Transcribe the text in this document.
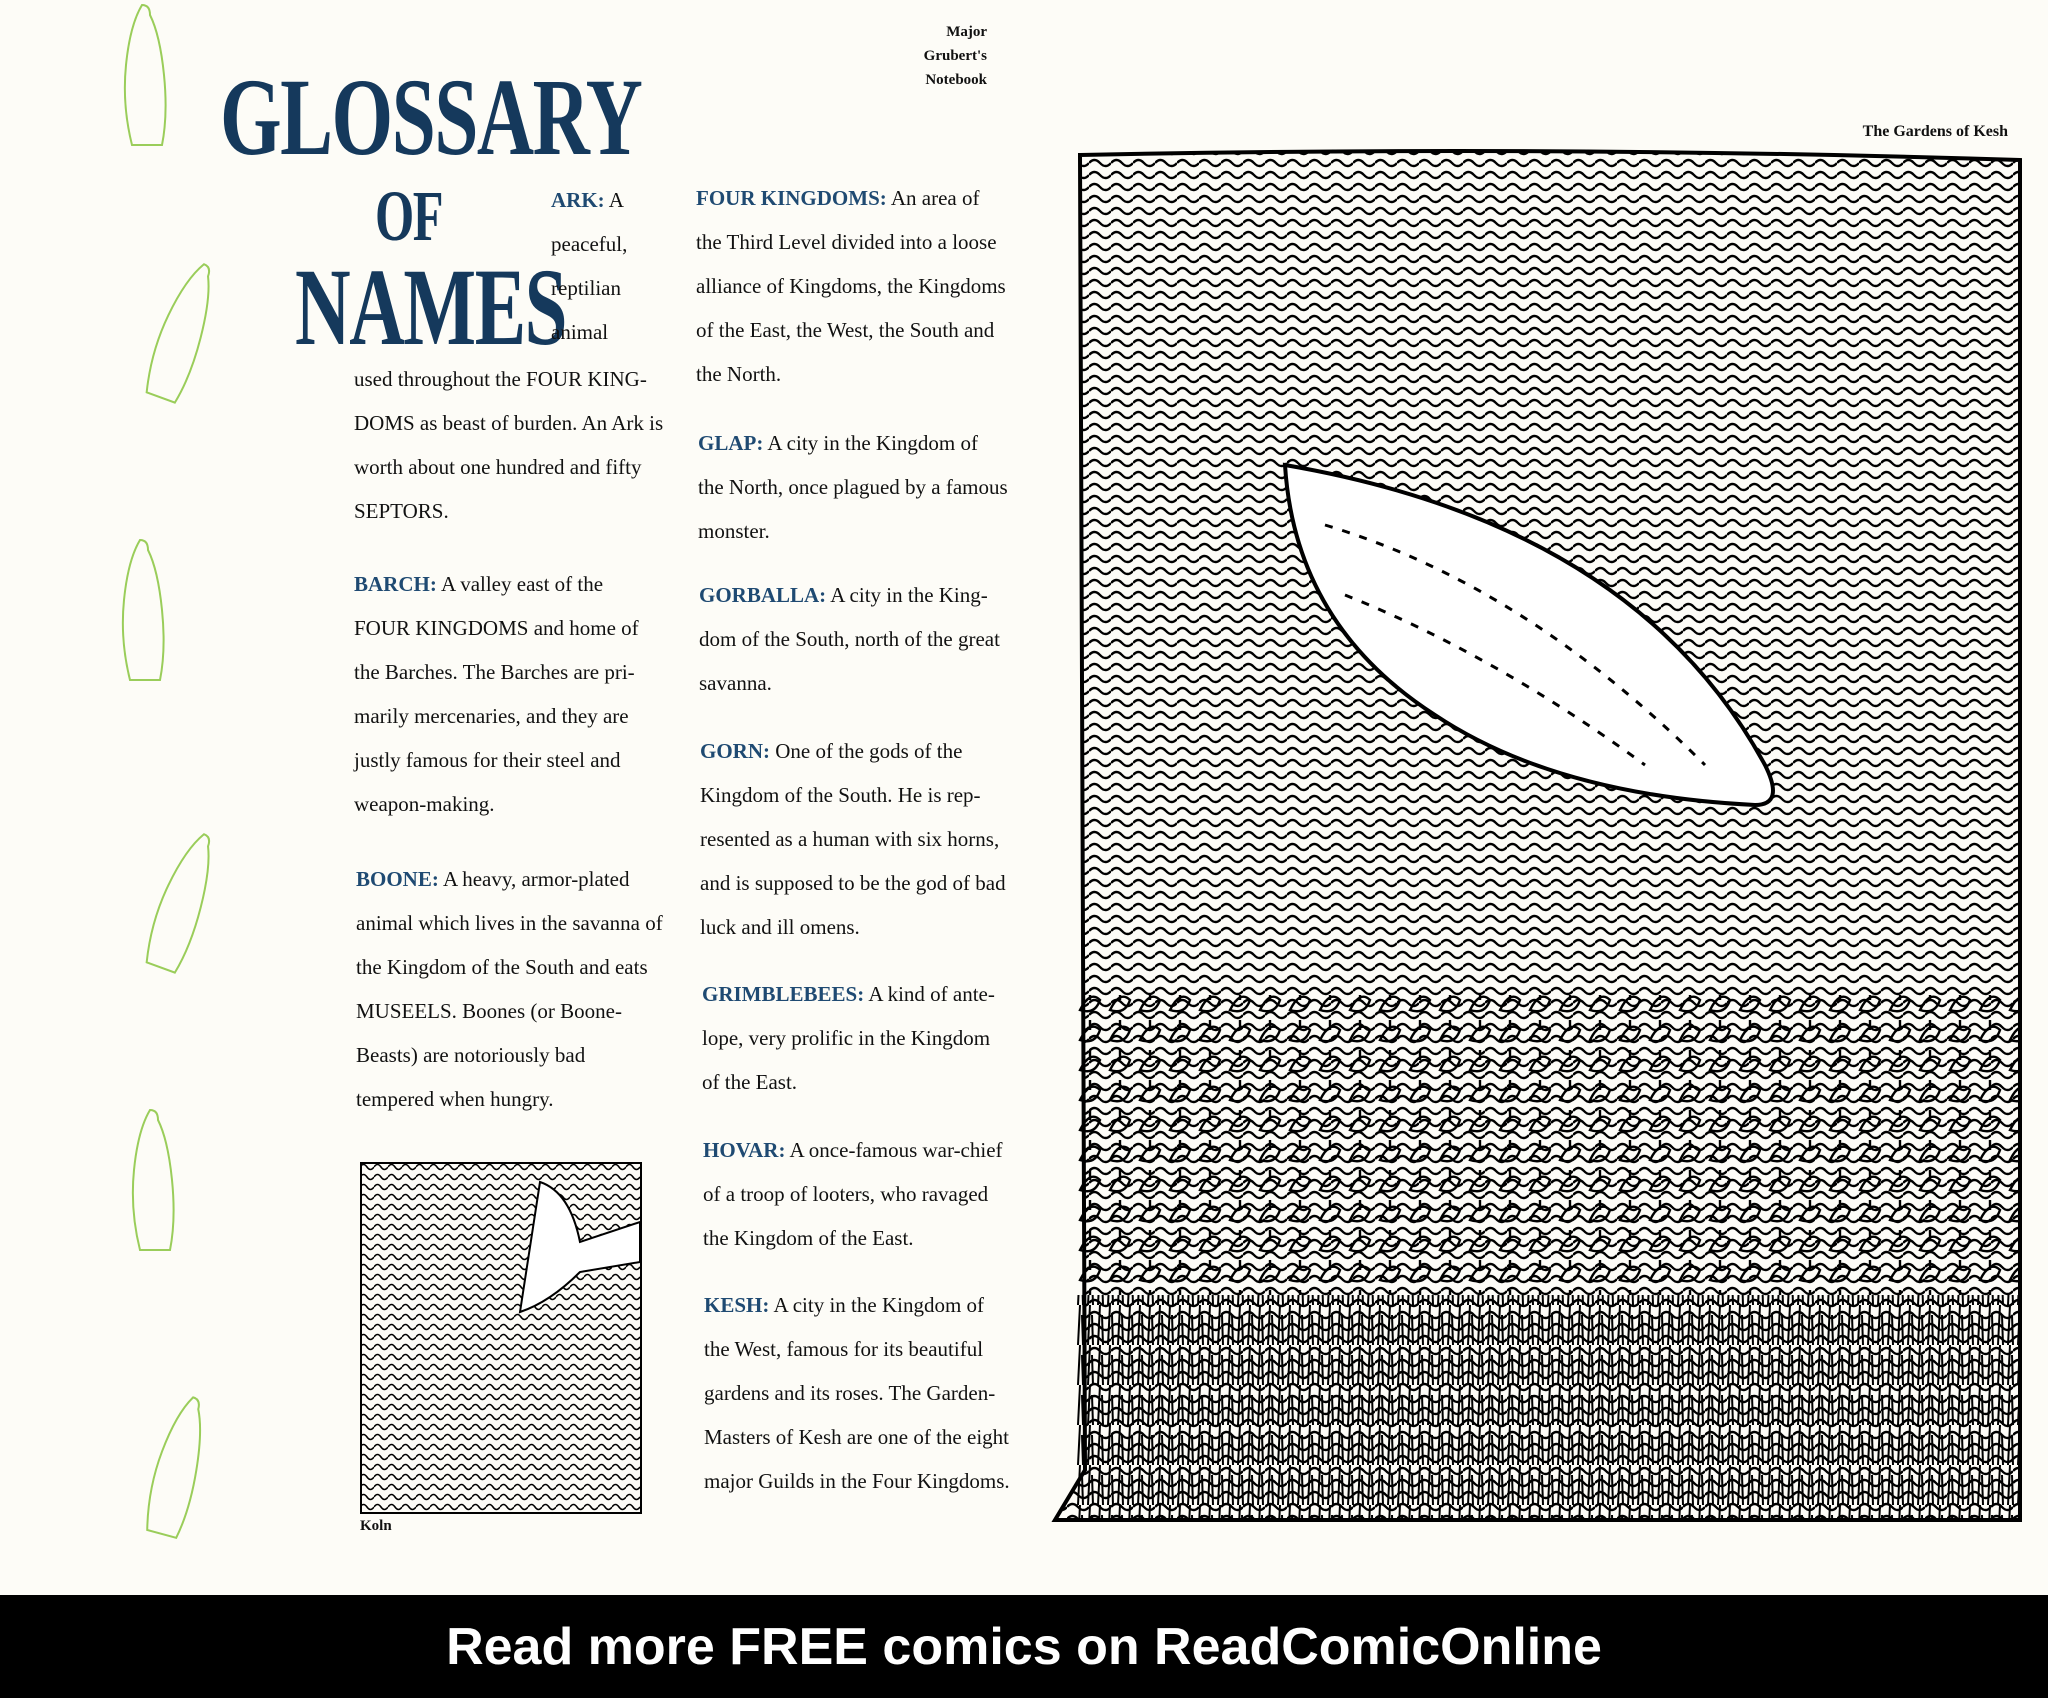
Major
Grubert's
Notebook
GLOSSARY
OF
NAMES
ARK: A peaceful, reptilian animal
used throughout the FOUR KING-DOMS as beast of burden. An Ark is worth about one hundred and fifty SEPTORS.
BARCH: A valley east of the FOUR KINGDOMS and home of the Barches. The Barches are pri-marily mercenaries, and they are justly famous for their steel and weapon-making.
BOONE: A heavy, armor-plated animal which lives in the savanna of the Kingdom of the South and eats MUSEELS. Boones (or Boone-Beasts) are notoriously bad tempered when hungry.
FOUR KINGDOMS: An area of the Third Level divided into a loose alliance of Kingdoms, the Kingdoms of the East, the West, the South and the North.
GLAP: A city in the Kingdom of the North, once plagued by a famous monster.
GORBALLA: A city in the King-dom of the South, north of the great savanna.
GORN: One of the gods of the Kingdom of the South. He is rep-resented as a human with six horns, and is supposed to be the god of bad luck and ill omens.
GRIMBLEBEES: A kind of ante-lope, very prolific in the Kingdom of the East.
HOVAR: A once-famous war-chief of a troop of looters, who ravaged the Kingdom of the East.
KESH: A city in the Kingdom of the West, famous for its beautiful gardens and its roses. The Garden-Masters of Kesh are one of the eight major Guilds in the Four Kingdoms.
Koln
The Gardens of Kesh
Read more FREE comics on ReadComicOnline
